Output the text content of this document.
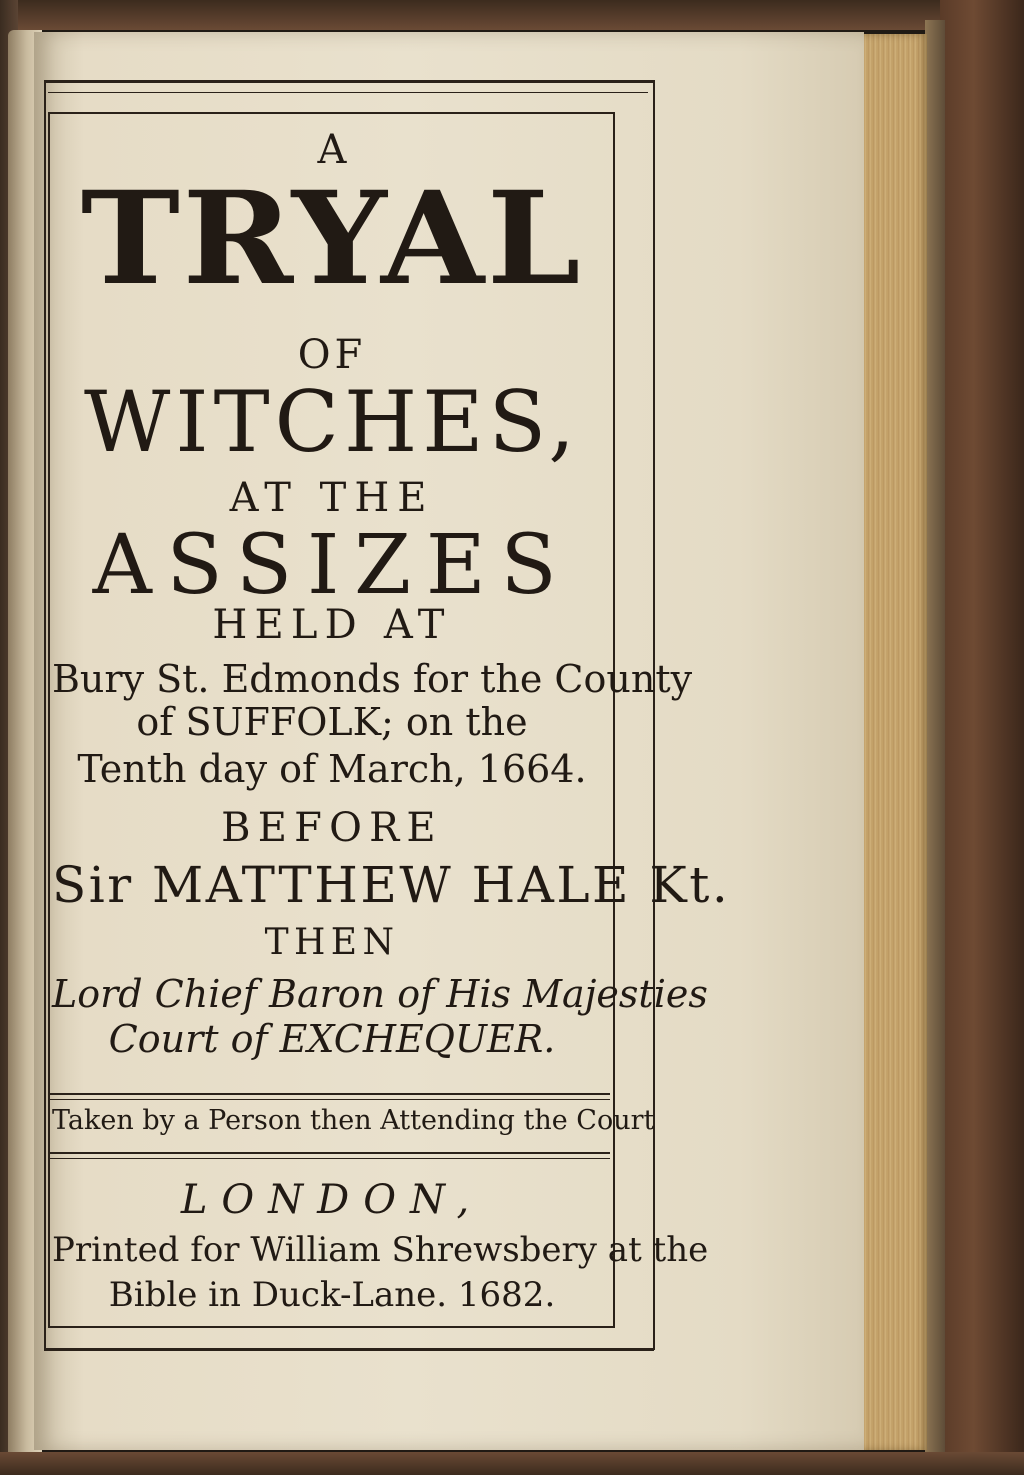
A

TRYAL

OF

WITCHES,

AT THE

ASSIZES

HELD AT

Bury St. Edmonds for the County

of SUFFOLK; on the

Tenth day of March, 1664.

BEFORE

Sir MATTHEW HALE Kt.

THEN

Lord Chief Baron of His Majesties

Court of EXCHEQUER.

Taken by a Person then Attending the Court

LONDON,

Printed for William Shrewsbery at the

Bible in Duck-Lane. 1682.
